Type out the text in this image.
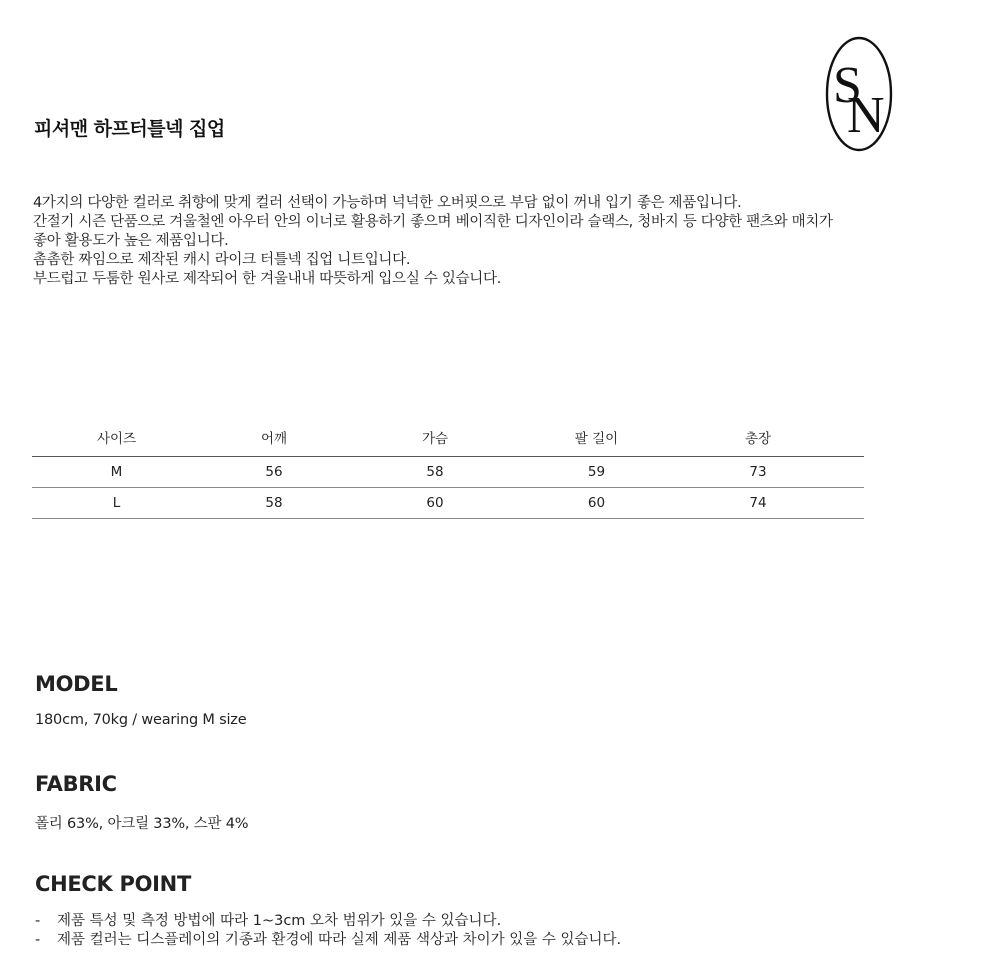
S
N
피셔맨 하프터틀넥 집업

4가지의 다양한 컬러로 취향에 맞게 컬러 선택이 가능하며 넉넉한 오버핏으로 부담 없이 꺼내 입기 좋은 제품입니다.

간절기 시즌 단품으로 겨울철엔 아우터 안의 이너로 활용하기 좋으며 베이직한 디자인이라 슬랙스, 청바지 등 다양한 팬츠와 매치가

좋아 활용도가 높은 제품입니다.

촘촘한 짜임으로 제작된 캐시 라이크 터틀넥 집업 니트입니다.

부드럽고 두툼한 원사로 제작되어 한 겨울내내 따뜻하게 입으실 수 있습니다.

사이즈	어깨	가슴	팔 길이	총장	
M	56	58	59	73	
L	58	60	60	74	
MODEL

180cm, 70kg / wearing M size

FABRIC

폴리 63%, 아크릴 33%, 스판 4%

CHECK POINT

- 제품 특성 및 측정 방법에 따라 1~3cm 오차 범위가 있을 수 있습니다.

- 제품 컬러는 디스플레이의 기종과 환경에 따라 실제 제품 색상과 차이가 있을 수 있습니다.
